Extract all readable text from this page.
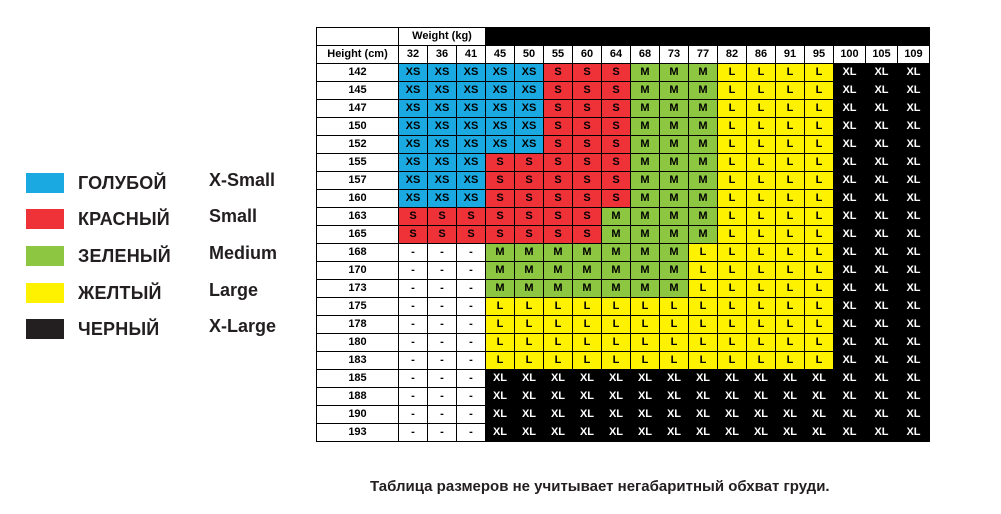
ГОЛУБОЙ X-Small
КРАСНЫЙ Small
ЗЕЛЕНЫЙ Medium
ЖЕЛТЫЙ	Large
ЧЕРНЫЙ	X-Large
	Weight (kg)																	
Height (cm)	32	36	41	45	50	55	60	64	68	73	77	82	86	91	95	100	105	109
142	XS	XS	XS	XS	XS	S	S	S	M	M	M	L	L	L	L	XL	XL	XL
145	XS	XS	XS	XS	XS	S	S	S	M	M	M	L	L	L	L	XL	XL	XL
147	XS	XS	XS	XS	XS	S	S	S	M	M	M	L	L	L	L	XL	XL	XL
150	XS	XS	XS	XS	XS	S	S	S	M	M	M	L	L	L	L	XL	XL	XL
152	XS	XS	XS	XS	XS	S	S	S	M	M	M	L	L	L	L	XL	XL	XL
155	XS	XS	XS	S	S	S	S	S	M	M	M	L	L	L	L	XL	XL	XL
157	XS	XS	XS	S	S	S	S	S	M	M	M	L	L	L	L	XL	XL	XL
160	XS	XS	XS	S	S	S	S	S	M	M	M	L	L	L	L	XL	XL	XL
163	S	S	S	S	S	S	S	M	M	M	M	L	L	L	L	XL	XL	XL
165	S	S	S	S	S	S	S	M	M	M	M	L	L	L	L	XL	XL	XL
168	-	-	-	M	M	M	M	M	M	M	L	L	L	L	L	XL	XL	XL
170	-	-	-	M	M	M	M	M	M	M	L	L	L	L	L	XL	XL	XL
173	-	-	-	M	M	M	M	M	M	M	L	L	L	L	L	XL	XL	XL
175	-	-	-	L	L	L	L	L	L	L	L	L	L	L	L	XL	XL	XL
178	-	-	-	L	L	L	L	L	L	L	L	L	L	L	L	XL	XL	XL
180	-	-	-	L	L	L	L	L	L	L	L	L	L	L	L	XL	XL	XL
183	-	-	-	L	L	L	L	L	L	L	L	L	L	L	L	XL	XL	XL
185	-	-	-	XL	XL	XL	XL	XL	XL	XL	XL	XL	XL	XL	XL	XL	XL	XL
188	-	-	-	XL	XL	XL	XL	XL	XL	XL	XL	XL	XL	XL	XL	XL	XL	XL
190	-	-	-	XL	XL	XL	XL	XL	XL	XL	XL	XL	XL	XL	XL	XL	XL	XL
193	-	-	-	XL	XL	XL	XL	XL	XL	XL	XL	XL	XL	XL	XL	XL	XL	XL
Таблица размеров не учитывает негабаритный обхват груди.
